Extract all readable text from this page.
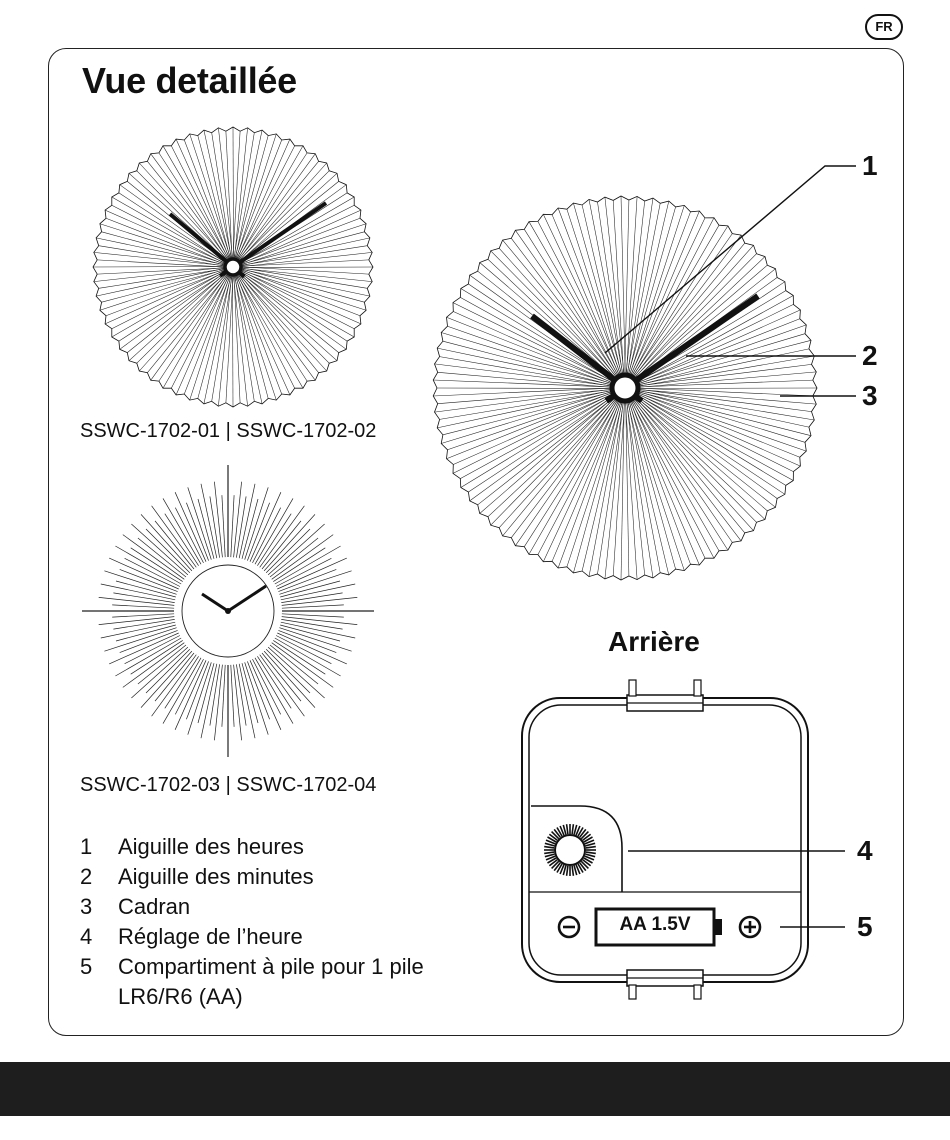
FR
Vue detaillée
AA 1.5V
1
2
3
4
5
SSWC-1702-01 | SSWC-1702-02
SSWC-1702-03 | SSWC-1702-04
Arrière
1	Aiguille des heures
2	Aiguille des minutes
3	Cadran
4	Réglage de l’heure
5	Compartiment à pile pour 1 pile LR6/R6 (AA)
